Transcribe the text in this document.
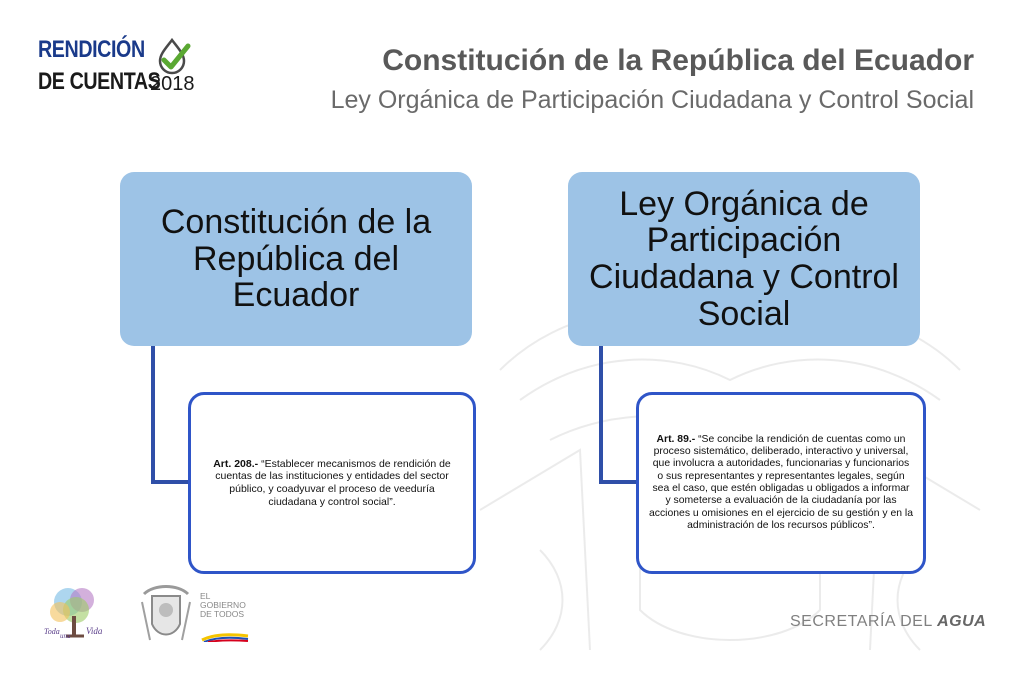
RENDICIÓN
DE CUENTAS
2018
Constitución de la República del Ecuador
Ley Orgánica de Participación Ciudadana y Control Social
Constitución de la República del Ecuador
Ley Orgánica de Participación Ciudadana y Control Social
Art. 208.- “Establecer mecanismos de rendición de cuentas de las instituciones y entidades del sector público, y coadyuvar el proceso de veeduría ciudadana y control social”.
Art. 89.- “Se concibe la rendición de cuentas como un proceso sistemático, deliberado, interactivo y universal, que involucra a autoridades, funcionarias y funcionarios o sus representantes y representantes legales, según sea el caso, que estén obligadas u obligados a informar y someterse a evaluación de la ciudadanía por las acciones u omisiones en el ejercicio de su gestión y en la administración de los recursos públicos”.
Toda una Vida
EL
GOBIERNO
DE TODOS	SECRETARÍA DEL AGUA
